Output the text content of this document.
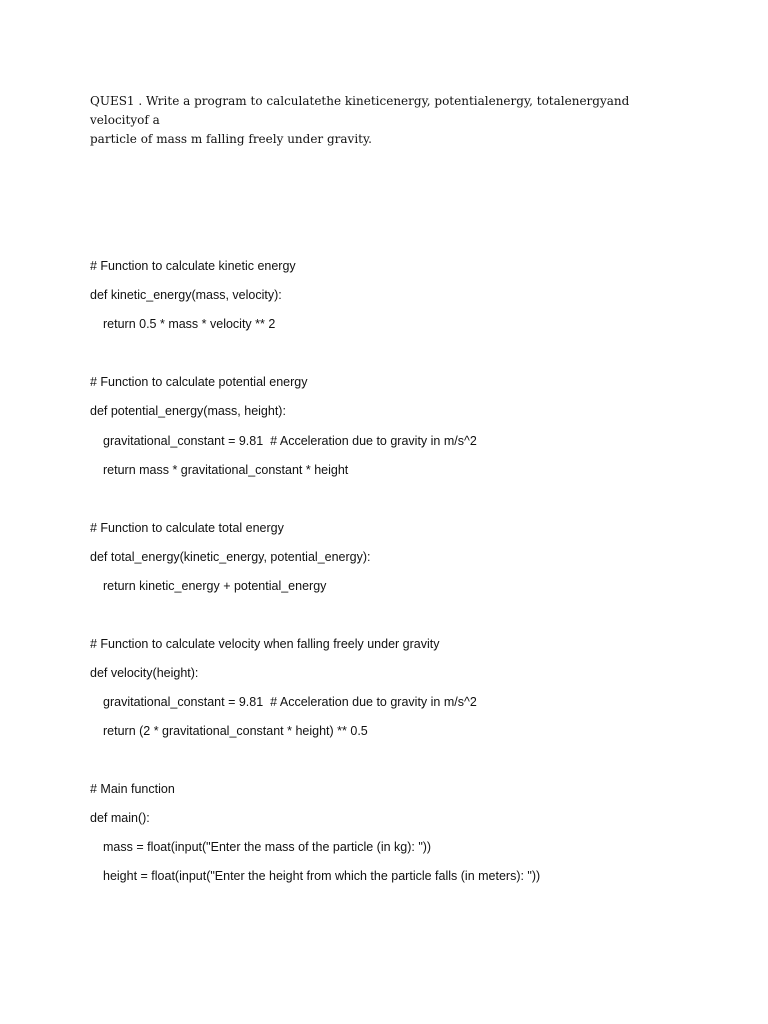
QUES1 . Write a program to calculatethe kineticenergy, potentialenergy, totalenergyand velocityof a
particle of mass m falling freely under gravity.
# Function to calculate kinetic energy
def kinetic_energy(mass, velocity):
return 0.5 * mass * velocity ** 2
# Function to calculate potential energy
def potential_energy(mass, height):
gravitational_constant = 9.81  # Acceleration due to gravity in m/s^2
return mass * gravitational_constant * height
# Function to calculate total energy
def total_energy(kinetic_energy, potential_energy):
return kinetic_energy + potential_energy
# Function to calculate velocity when falling freely under gravity
def velocity(height):
gravitational_constant = 9.81  # Acceleration due to gravity in m/s^2
return (2 * gravitational_constant * height) ** 0.5
# Main function
def main():
mass = float(input("Enter the mass of the particle (in kg): "))
height = float(input("Enter the height from which the particle falls (in meters): "))
